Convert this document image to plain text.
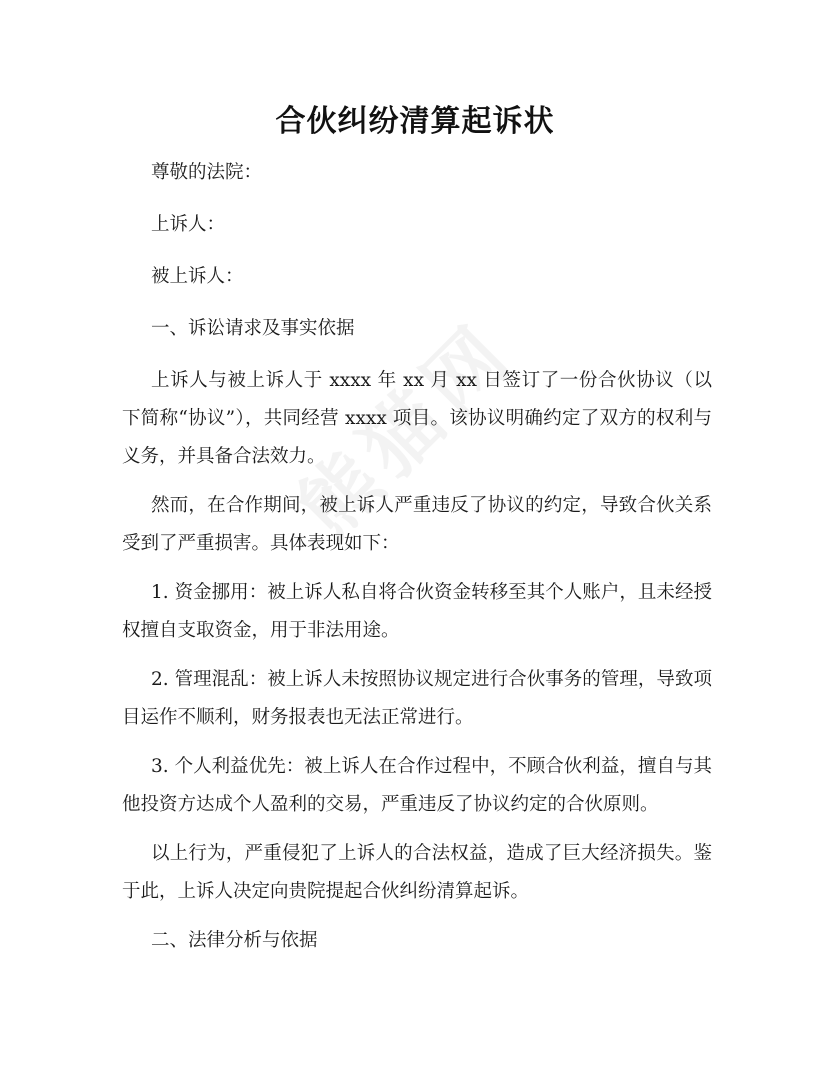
合伙纠纷清算起诉状

尊敬的法院：

上诉人：

被上诉人：

一、诉讼请求及事实依据

上诉人与被上诉人于 xxxx 年 xx 月 xx 日签订了一份合伙协议（以下简称“协议”），共同经营 xxxx 项目。该协议明确约定了双方的权利与义务，并具备合法效力。

然而，在合作期间，被上诉人严重违反了协议的约定，导致合伙关系受到了严重损害。具体表现如下：

1. 资金挪用：被上诉人私自将合伙资金转移至其个人账户，且未经授权擅自支取资金，用于非法用途。

2. 管理混乱：被上诉人未按照协议规定进行合伙事务的管理，导致项目运作不顺利，财务报表也无法正常进行。

3. 个人利益优先：被上诉人在合作过程中，不顾合伙利益，擅自与其他投资方达成个人盈利的交易，严重违反了协议约定的合伙原则。

以上行为，严重侵犯了上诉人的合法权益，造成了巨大经济损失。鉴于此，上诉人决定向贵院提起合伙纠纷清算起诉。

二、法律分析与依据
